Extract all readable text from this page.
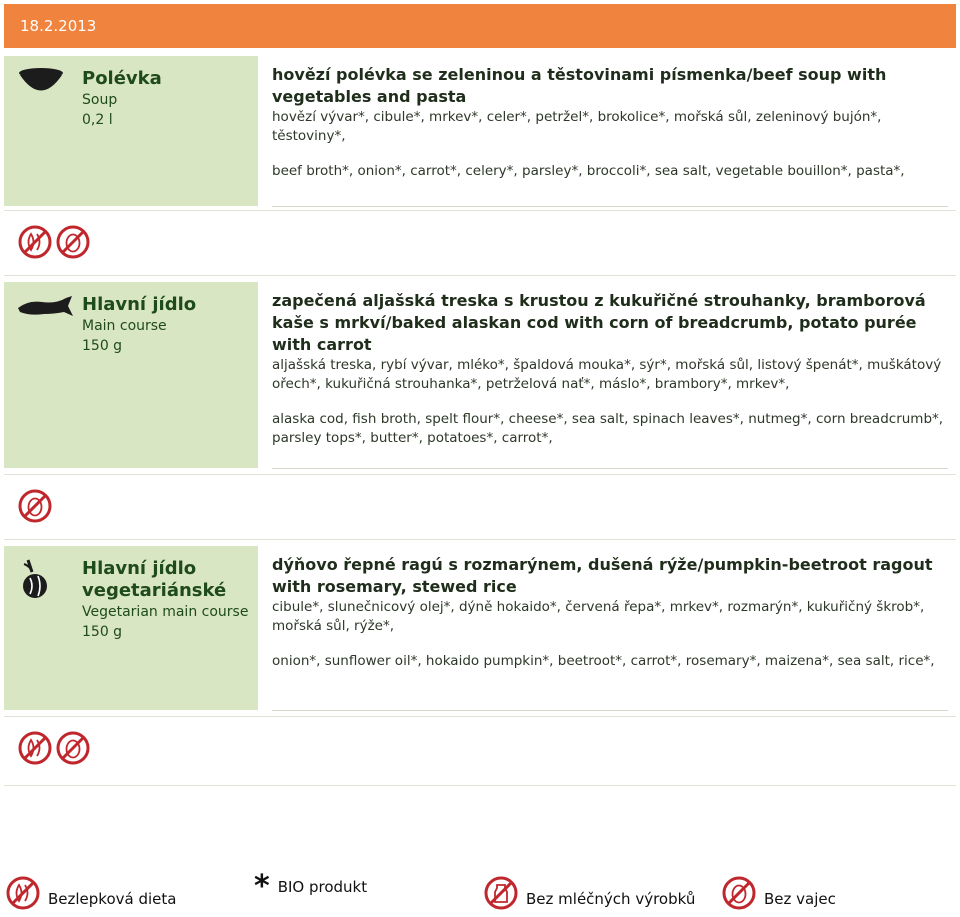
18.2.2013
Polévka
Soup
0,2 l
hovězí polévka se zeleninou a těstovinami písmenka/beef soup with vegetables and pasta
hovězí vývar*, cibule*, mrkev*, celer*, petržel*, brokolice*, mořská sůl, zeleninový bujón*, těstoviny*,
beef broth*, onion*, carrot*, celery*, parsley*, broccoli*, sea salt, vegetable bouillon*, pasta*,
Hlavní jídlo
Main course
150 g
zapečená aljašská treska s krustou z kukuřičné strouhanky, bramborová kaše s mrkví/baked alaskan cod with corn of breadcrumb, potato purée with carrot
aljašská treska, rybí vývar, mléko*, špaldová mouka*, sýr*, mořská sůl, listový špenát*, muškátový ořech*, kukuřičná strouhanka*, petrželová nať*, máslo*, brambory*, mrkev*,
alaska cod, fish broth, spelt flour*, cheese*, sea salt, spinach leaves*, nutmeg*, corn breadcrumb*, parsley tops*, butter*, potatoes*, carrot*,
Hlavní jídlo
vegetariánské
Vegetarian main course
150 g
dýňovo řepné ragú s rozmarýnem, dušená rýže/pumpkin-beetroot ragout with rosemary, stewed rice
cibule*, slunečnicový olej*, dýně hokaido*, červená řepa*, mrkev*, rozmarýn*, kukuřičný škrob*, mořská sůl, rýže*,
onion*, sunflower oil*, hokaido pumpkin*, beetroot*, carrot*, rosemary*, maizena*, sea salt, rice*,
Bezlepková dieta	* BIO produkt
Bez mléčných výrobků	Bez vajec
